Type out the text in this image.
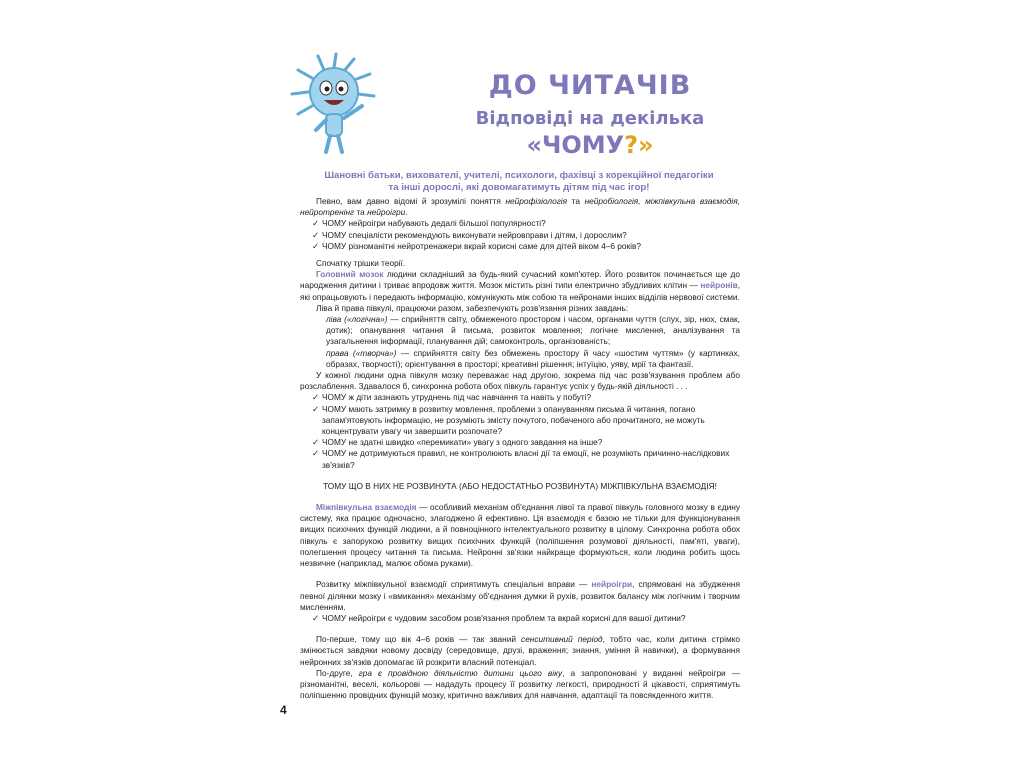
ДО ЧИТАЧІВ
Відповіді на декілька
«ЧОМУ?»
Шановні батьки, вихователі, учителі, психологи, фахівці з корекційної педагогіки
та інші дорослі, які довомагатимуть дітям під час ігор!

Певно, вам давно відомі й зрозумілі поняття нейрофізіологія та нейробіологія, міжпівкульна взаємодія, нейротренінг та нейроігри.

✓ ЧОМУ нейроігри набувають дедалі більшої популярності?
✓ ЧОМУ спеціалісти рекомендують виконувати нейровправи і дітям, і дорослим?
✓ ЧОМУ різноманітні нейротренажери вкрай корисні саме для дітей віком 4–6 років?

Спочатку трішки теорії.

Головний мозок людини складніший за будь-який сучасний комп'ютер. Його розвиток починається ще до народження дитини і триває впродовж життя. Мозок містить різні типи електрично збудливих клітин — нейронів, які опрацьовують і передають інформацію, комунікують між собою та нейронами інших відділів нервової системи.

Ліва й права півкулі, працюючи разом, забезпечують розв'язання різних завдань:

ліва («логічна») — сприйняття світу, обмеженого простором і часом, органами чуття (слух, зір, нюх, смак, дотик); опанування читання й письма, розвиток мовлення; логічне мислення, аналізування та узагальнення інформації, планування дій; самоконтроль, організованість;

права («творча») — сприйняття світу без обмежень простору й часу «шостим чуттям» (у картинках, образах, творчості); орієнтування в просторі; креативні рішення; інтуїцію, уяву, мрії та фантазії.

У кожної людини одна півкуля мозку переважає над другою, зокрема під час розв'язування проблем або розслаблення. Здавалося б, синхронна робота обох півкуль гарантує успіх у будь-якій діяльності . . .

✓ ЧОМУ ж діти зазнають утруднень під час навчання та навіть у побуті?
✓ ЧОМУ мають затримку в розвитку мовлення, проблеми з опануванням письма й читання, погано запам'ятовують інформацію, не розуміють змісту почутого, побаченого або прочитаного, не можуть концентрувати увагу чи завершити розпочате?
✓ ЧОМУ не здатні швидко «перемикати» увагу з одного завдання на інше?
✓ ЧОМУ не дотримуються правил, не контролюють власні дії та емоції, не розуміють причинно-наслідкових зв'язків?

ТОМУ ЩО В НИХ НЕ РОЗВИНУТА (АБО НЕДОСТАТНЬО РОЗВИНУТА) МІЖПІВКУЛЬНА ВЗАЄМОДІЯ!

Міжпівкульна взаємодія — особливий механізм об'єднання лівої та правої півкуль головного мозку в єдину систему, яка працює одночасно, злагоджено й ефективно. Ця взаємодія є базою не тільки для функціонування вищих психічних функцій людини, а й повноцінного інтелектуального розвитку в цілому. Синхронна робота обох півкуль є запорукою розвитку вищих психічних функцій (поліпшення розумової діяльності, пам'яті, уваги), полегшення процесу читання та письма. Нейронні зв'язки найкраще формуються, коли людина робить щось незвичне (наприклад, малює обома руками).

Розвитку міжпівкульної взаємодії сприятимуть спеціальні вправи — нейроігри, спрямовані на збудження певної ділянки мозку і «вмикання» механізму об'єднання думки й рухів, розвиток балансу між логічним і творчим мисленням.

✓ ЧОМУ нейроігри є чудовим засобом розв'язання проблем та вкрай корисні для вашої дитини?

По-перше, тому що вік 4–6 років — так званий сенситивний період, тобто час, коли дитина стрімко змінюється завдяки новому досвіду (середовище, друзі, враження; знання, уміння й навички), а формування нейронних зв'язків допомагає їй розкрити власний потенціал.

По-друге, гра є провідною діяльністю дитини цього віку, а запропоновані у виданні нейроігри — різноманітні, веселі, кольорові — нададуть процесу її розвитку легкості, природності й цікавості, сприятимуть поліпшенню провідних функцій мозку, критично важливих для навчання, адаптації та повсякденного життя.

4
